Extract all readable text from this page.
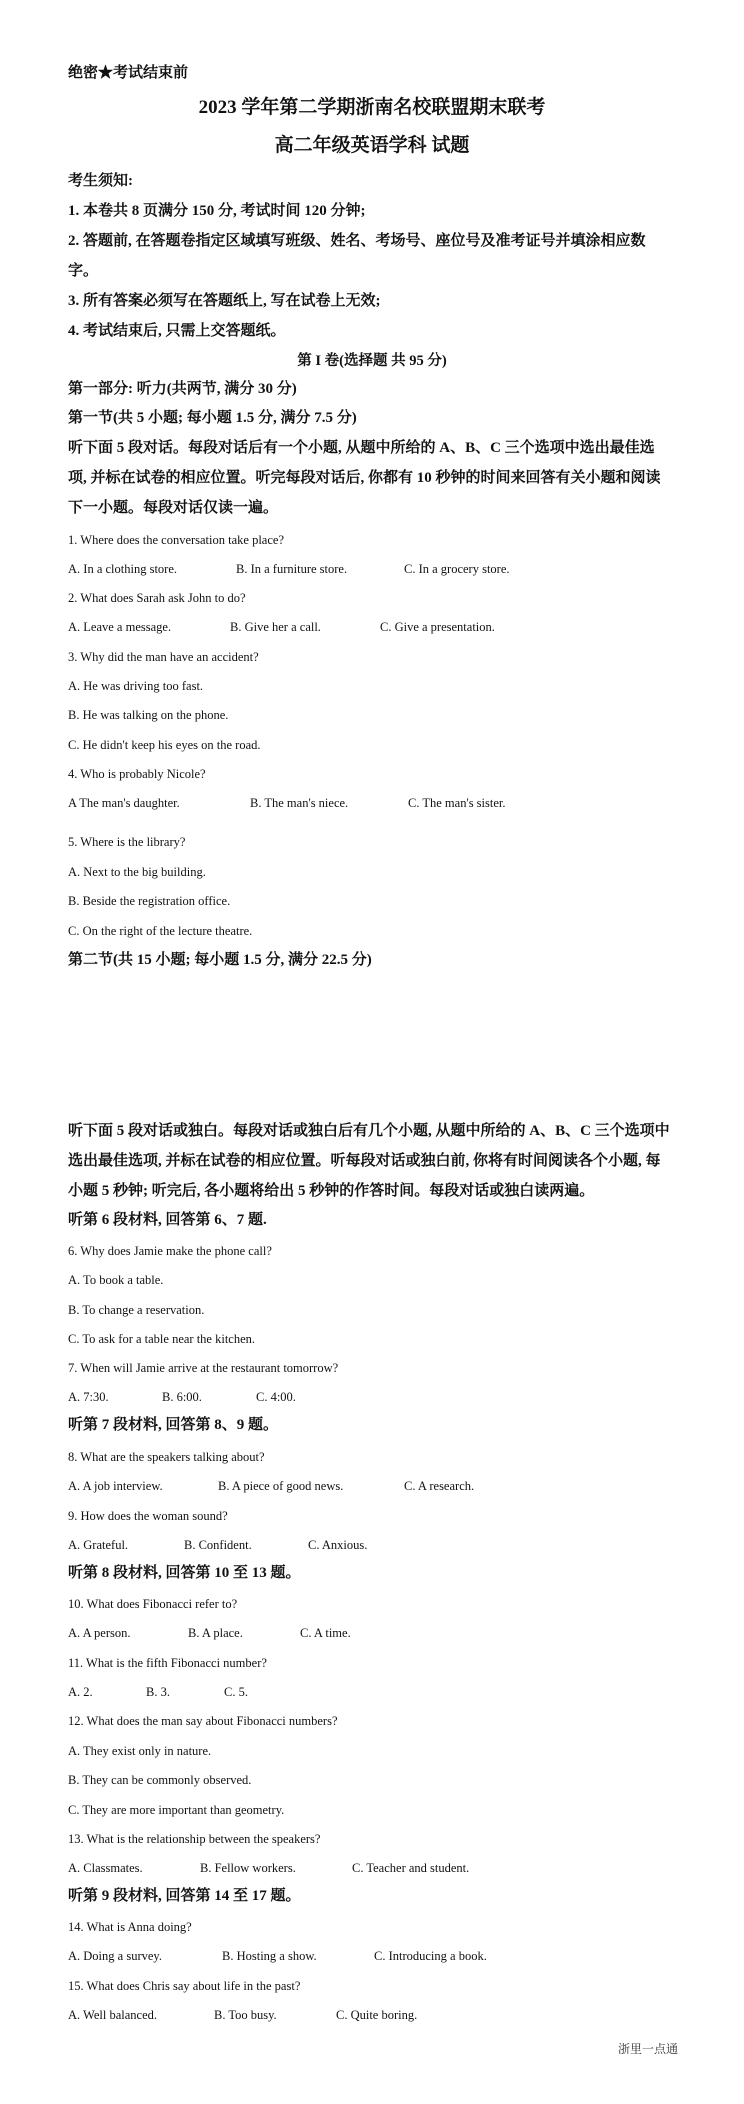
绝密★考试结束前
2023 学年第二学期浙南名校联盟期末联考
高二年级英语学科 试题
考生须知:
1. 本卷共 8 页满分 150 分, 考试时间 120 分钟;
2. 答题前, 在答题卷指定区域填写班级、姓名、考场号、座位号及准考证号并填涂相应数
字。
3. 所有答案必须写在答题纸上, 写在试卷上无效;
4. 考试结束后, 只需上交答题纸。
第 I 卷(选择题 共 95 分)
第一部分: 听力(共两节, 满分 30 分)
第一节(共 5 小题; 每小题 1.5 分, 满分 7.5 分)
听下面 5 段对话。每段对话后有一个小题, 从题中所给的 A、B、C 三个选项中选出最佳选
项, 并标在试卷的相应位置。听完每段对话后, 你都有 10 秒钟的时间来回答有关小题和阅读
下一小题。每段对话仅读一遍。
1. Where does the conversation take place?
A. In a clothing store.	B. In a furniture store.	C. In a grocery store.
2. What does Sarah ask John to do?
A. Leave a message.	B. Give her a call.	C. Give a presentation.
3. Why did the man have an accident?
A. He was driving too fast.
B. He was talking on the phone.
C. He didn't keep his eyes on the road.
4. Who is probably Nicole?
A The man's daughter.	B. The man's niece.	C. The man's sister.
5. Where is the library?
A. Next to the big building.
B. Beside the registration office.
C. On the right of the lecture theatre.
第二节(共 15 小题; 每小题 1.5 分, 满分 22.5 分)
听下面 5 段对话或独白。每段对话或独白后有几个小题, 从题中所给的 A、B、C 三个选项中
选出最佳选项, 并标在试卷的相应位置。听每段对话或独白前, 你将有时间阅读各个小题, 每
小题 5 秒钟; 听完后, 各小题将给出 5 秒钟的作答时间。每段对话或独白读两遍。
听第 6 段材料, 回答第 6、7 题.
6. Why does Jamie make the phone call?
A. To book a table.
B. To change a reservation.
C. To ask for a table near the kitchen.
7. When will Jamie arrive at the restaurant tomorrow?
A. 7:30.	B. 6:00.	C. 4:00.
听第 7 段材料, 回答第 8、9 题。
8. What are the speakers talking about?
A. A job interview.	B. A piece of good news.	C. A research.
9. How does the woman sound?
A. Grateful.	B. Confident.	C. Anxious.
听第 8 段材料, 回答第 10 至 13 题。
10. What does Fibonacci refer to?
A. A person.	B. A place.	C. A time.
11. What is the fifth Fibonacci number?
A. 2.	B. 3.	C. 5.
12. What does the man say about Fibonacci numbers?
A. They exist only in nature.
B. They can be commonly observed.
C. They are more important than geometry.
13. What is the relationship between the speakers?
A. Classmates.	B. Fellow workers.	C. Teacher and student.
听第 9 段材料, 回答第 14 至 17 题。
14. What is Anna doing?
A. Doing a survey.	B. Hosting a show.	C. Introducing a book.
15. What does Chris say about life in the past?
A. Well balanced.	B. Too busy.	C. Quite boring.
浙里一点通
